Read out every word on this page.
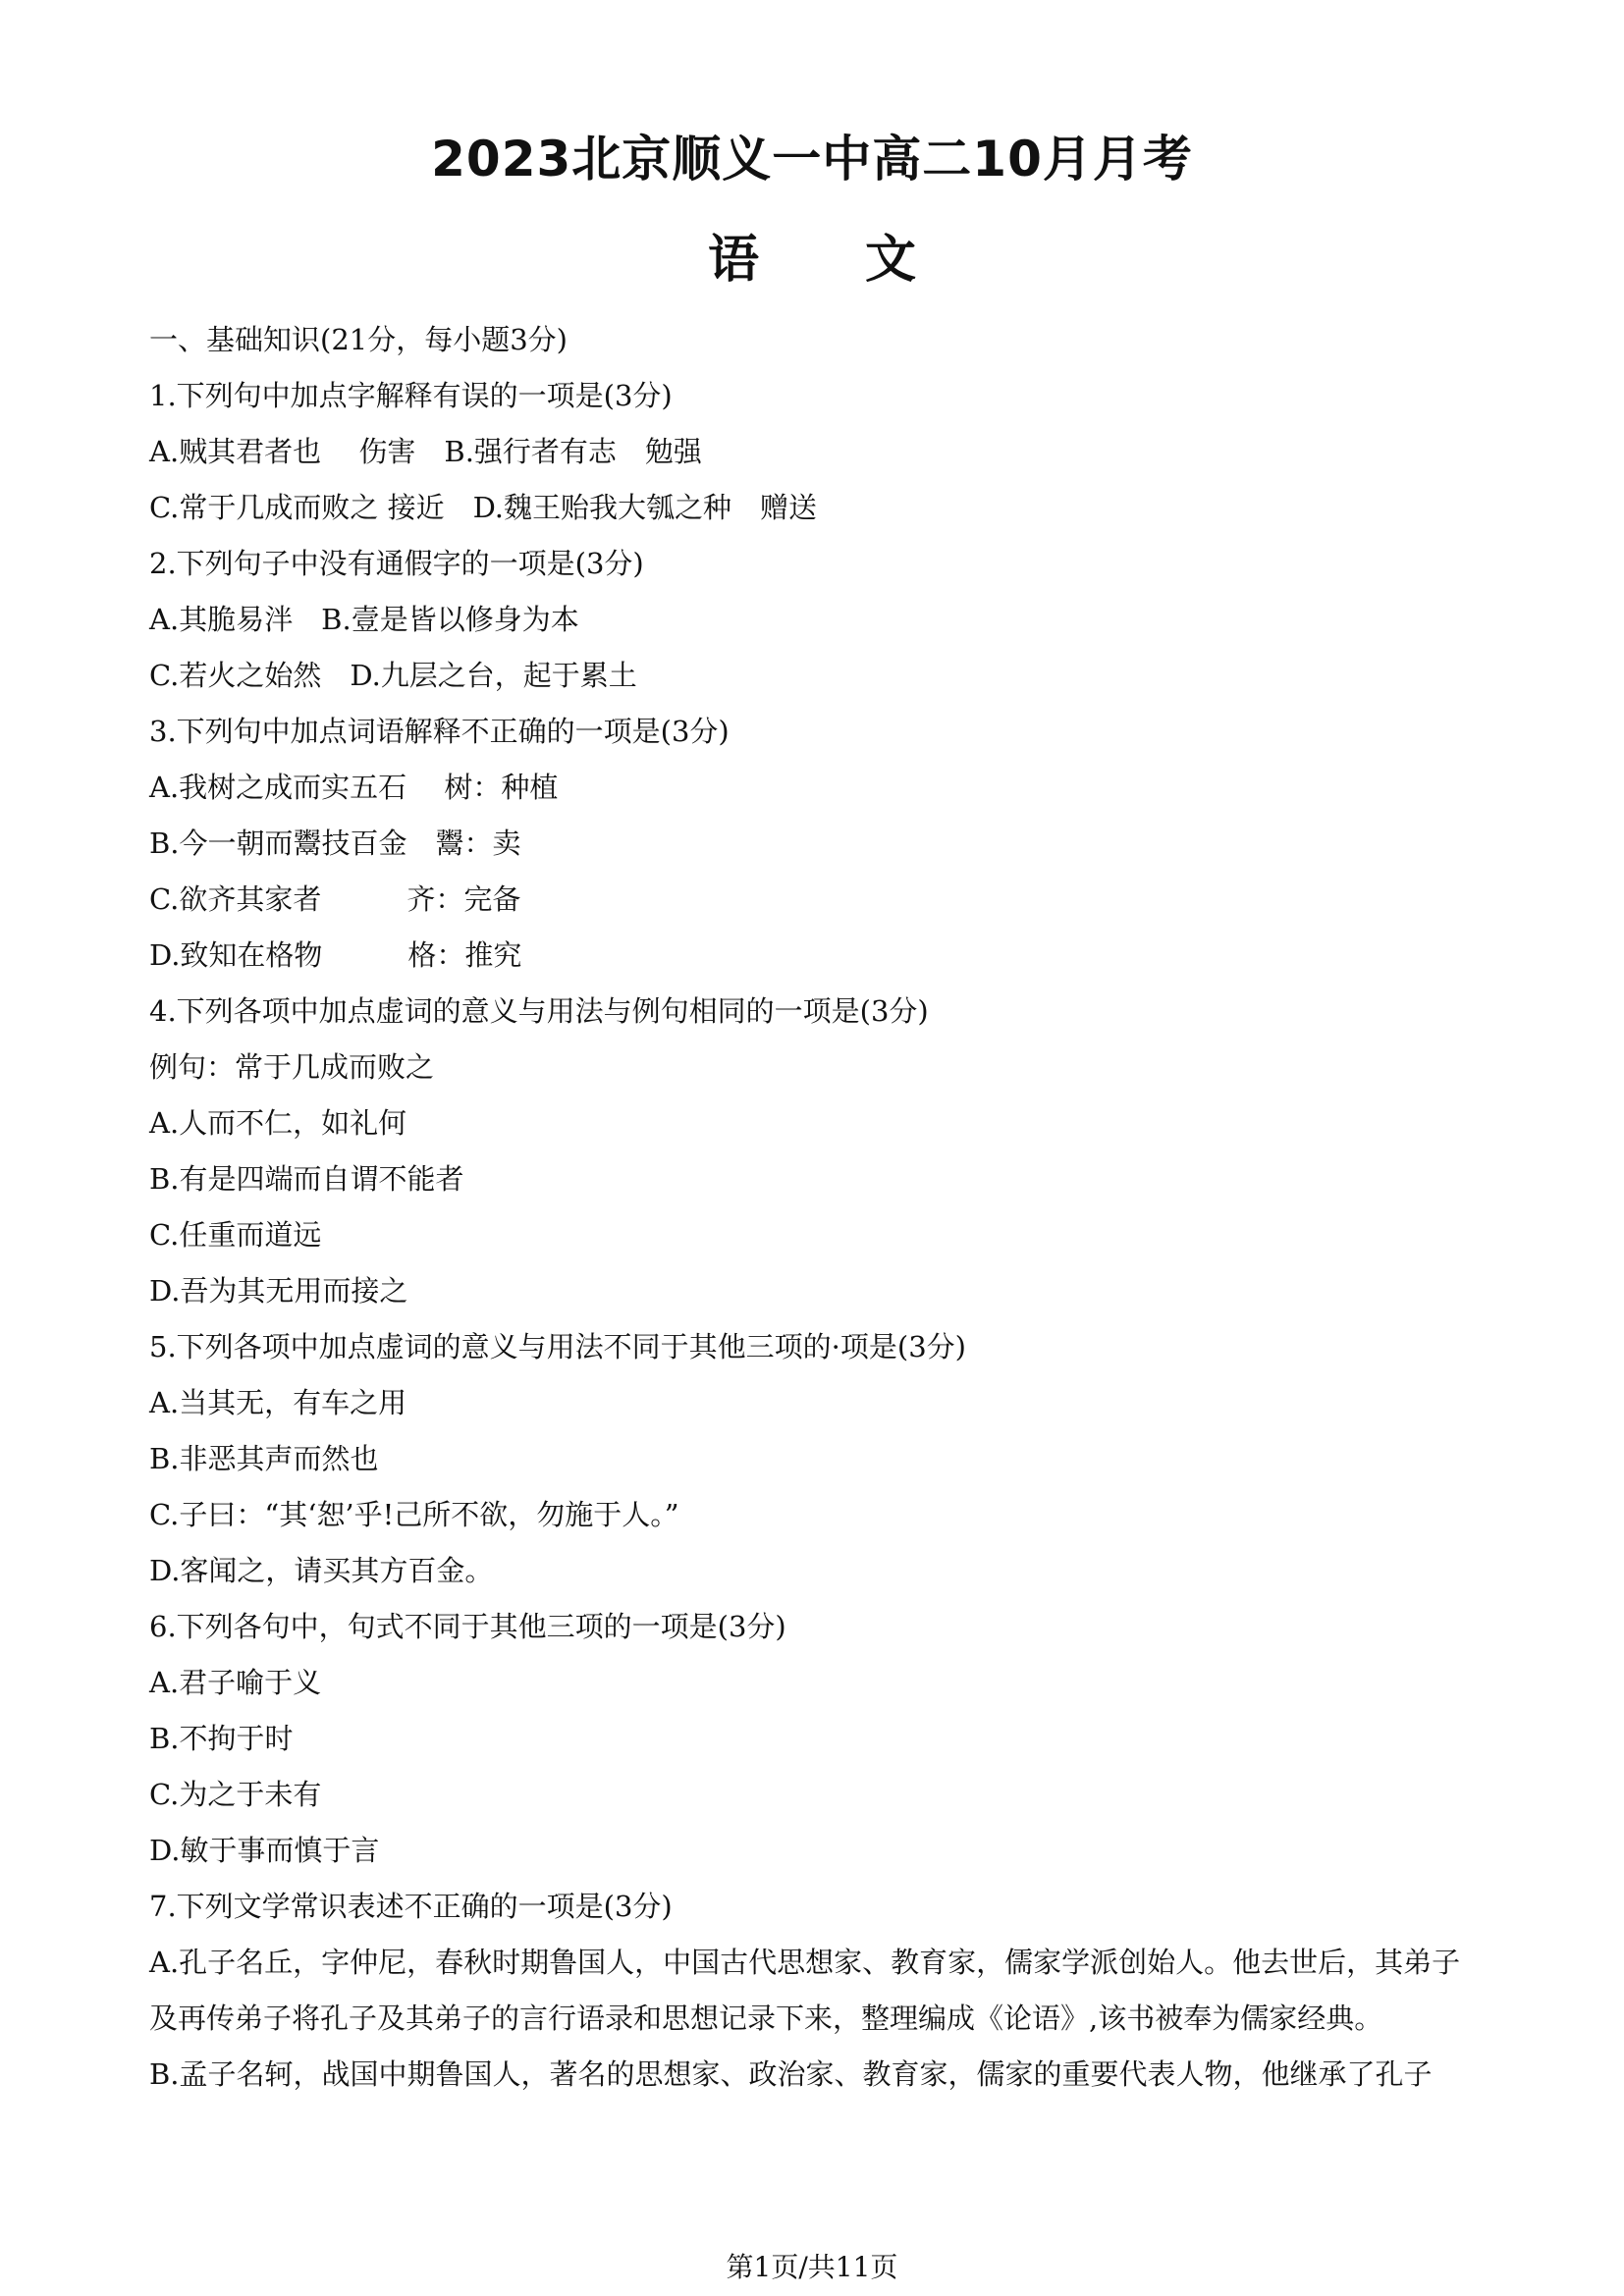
2023北京顺义一中高二10月月考
语 文
一、基础知识(21分，每小题3分)
1.下列句中加点字解释有误的一项是(3分)
A.贼其君者也　 伤害　B.强行者有志　勉强
C.常于几成而败之 接近　D.魏王贻我大瓠之种　赠送
2.下列句子中没有通假字的一项是(3分)
A.其脆易泮　B.壹是皆以修身为本
C.若火之始然　D.九层之台，起于累土
3.下列句中加点词语解释不正确的一项是(3分)
A.我树之成而实五石　 树：种植
B.今一朝而鬻技百金　鬻：卖
C.欲齐其家者　　　齐：完备
D.致知在格物　　　格：推究
4.下列各项中加点虚词的意义与用法与例句相同的一项是(3分)
例句：常于几成而败之
A.人而不仁，如礼何
B.有是四端而自谓不能者
C.任重而道远
D.吾为其无用而接之
5.下列各项中加点虚词的意义与用法不同于其他三项的·项是(3分)
A.当其无，有车之用
B.非恶其声而然也
C.子曰：“其‘恕’乎!己所不欲，勿施于人。”
D.客闻之，请买其方百金。
6.下列各句中，句式不同于其他三项的一项是(3分)
A.君子喻于义
B.不拘于时
C.为之于未有
D.敏于事而慎于言
7.下列文学常识表述不正确的一项是(3分)
A.孔子名丘，字仲尼，春秋时期鲁国人，中国古代思想家、教育家，儒家学派创始人。他去世后，其弟子
及再传弟子将孔子及其弟子的言行语录和思想记录下来，整理编成《论语》,该书被奉为儒家经典。
B.孟子名轲，战国中期鲁国人，著名的思想家、政治家、教育家，儒家的重要代表人物，他继承了孔子
第1页/共11页
